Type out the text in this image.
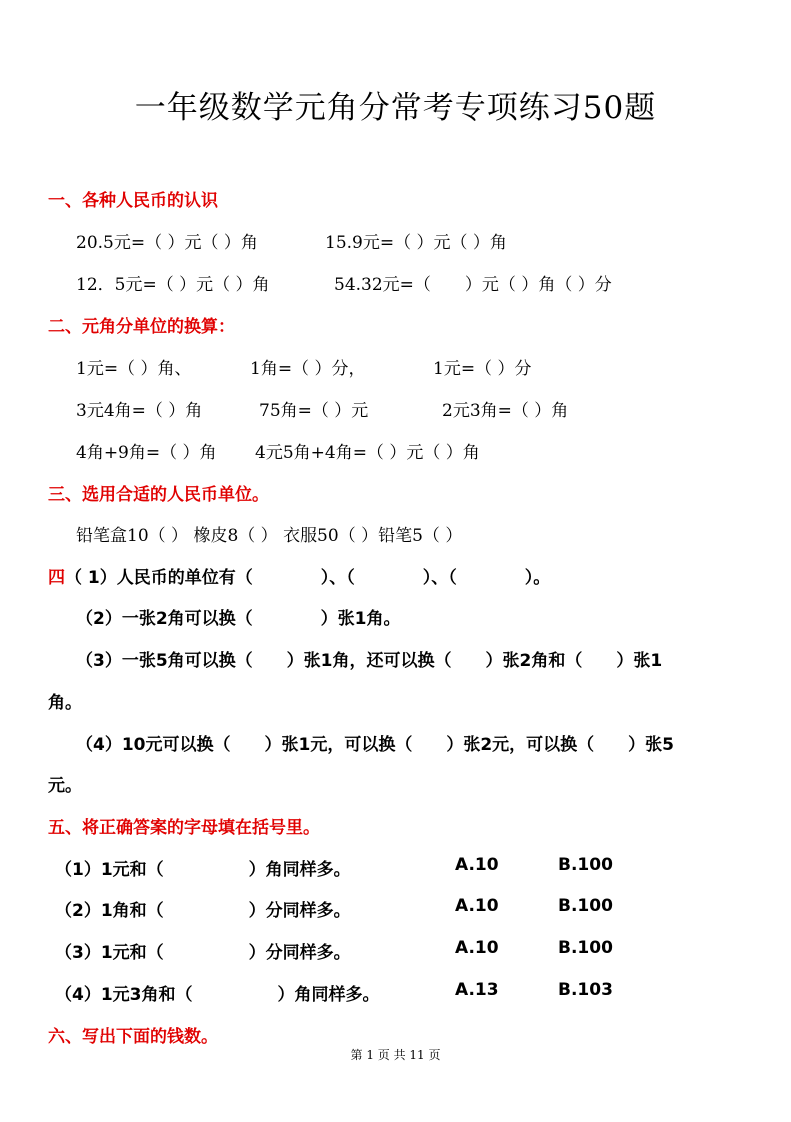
一年级数学元角分常考专项练习50题
一、各种人民币的认识
20.5元=（ ）元（ ）角	15.9元=（ ）元（ ）角
12．5元=（ ）元（ ）角	54.32元=（　　）元（ ）角（ ）分
二、元角分单位的换算：
1元=（ ）角、	1角=（ ）分，	1元=（ ）分
3元4角=（ ）角	75角=（ ）元	2元3角=（ ）角
4角+9角=（ ）角 4元5角+4角=（ ）元（ ）角
三、选用合适的人民币单位。
铅笔盒10（ ） 橡皮8（ ） 衣服50（ ）铅笔5（ ）
四（ 1）人民币的单位有（　　　　）、（　　　　）、（　　　　）。
（2）一张2角可以换（　　　　）张1角。
（3）一张5角可以换（　　）张1角，还可以换（　　）张2角和（　　）张1
角。
（4）10元可以换（　　）张1元，可以换（　　）张2元，可以换（　　）张5
元。
五、将正确答案的字母填在括号里。
（1）1元和（　　　　　）角同样多。	A.10	B.100
（2）1角和（　　　　　）分同样多。	A.10	B.100
（3）1元和（　　　　　）分同样多。	A.10	B.100
（4）1元3角和（　　　　　）角同样多。	A.13	B.103
六、写出下面的钱数。
第 1 页 共 11 页
